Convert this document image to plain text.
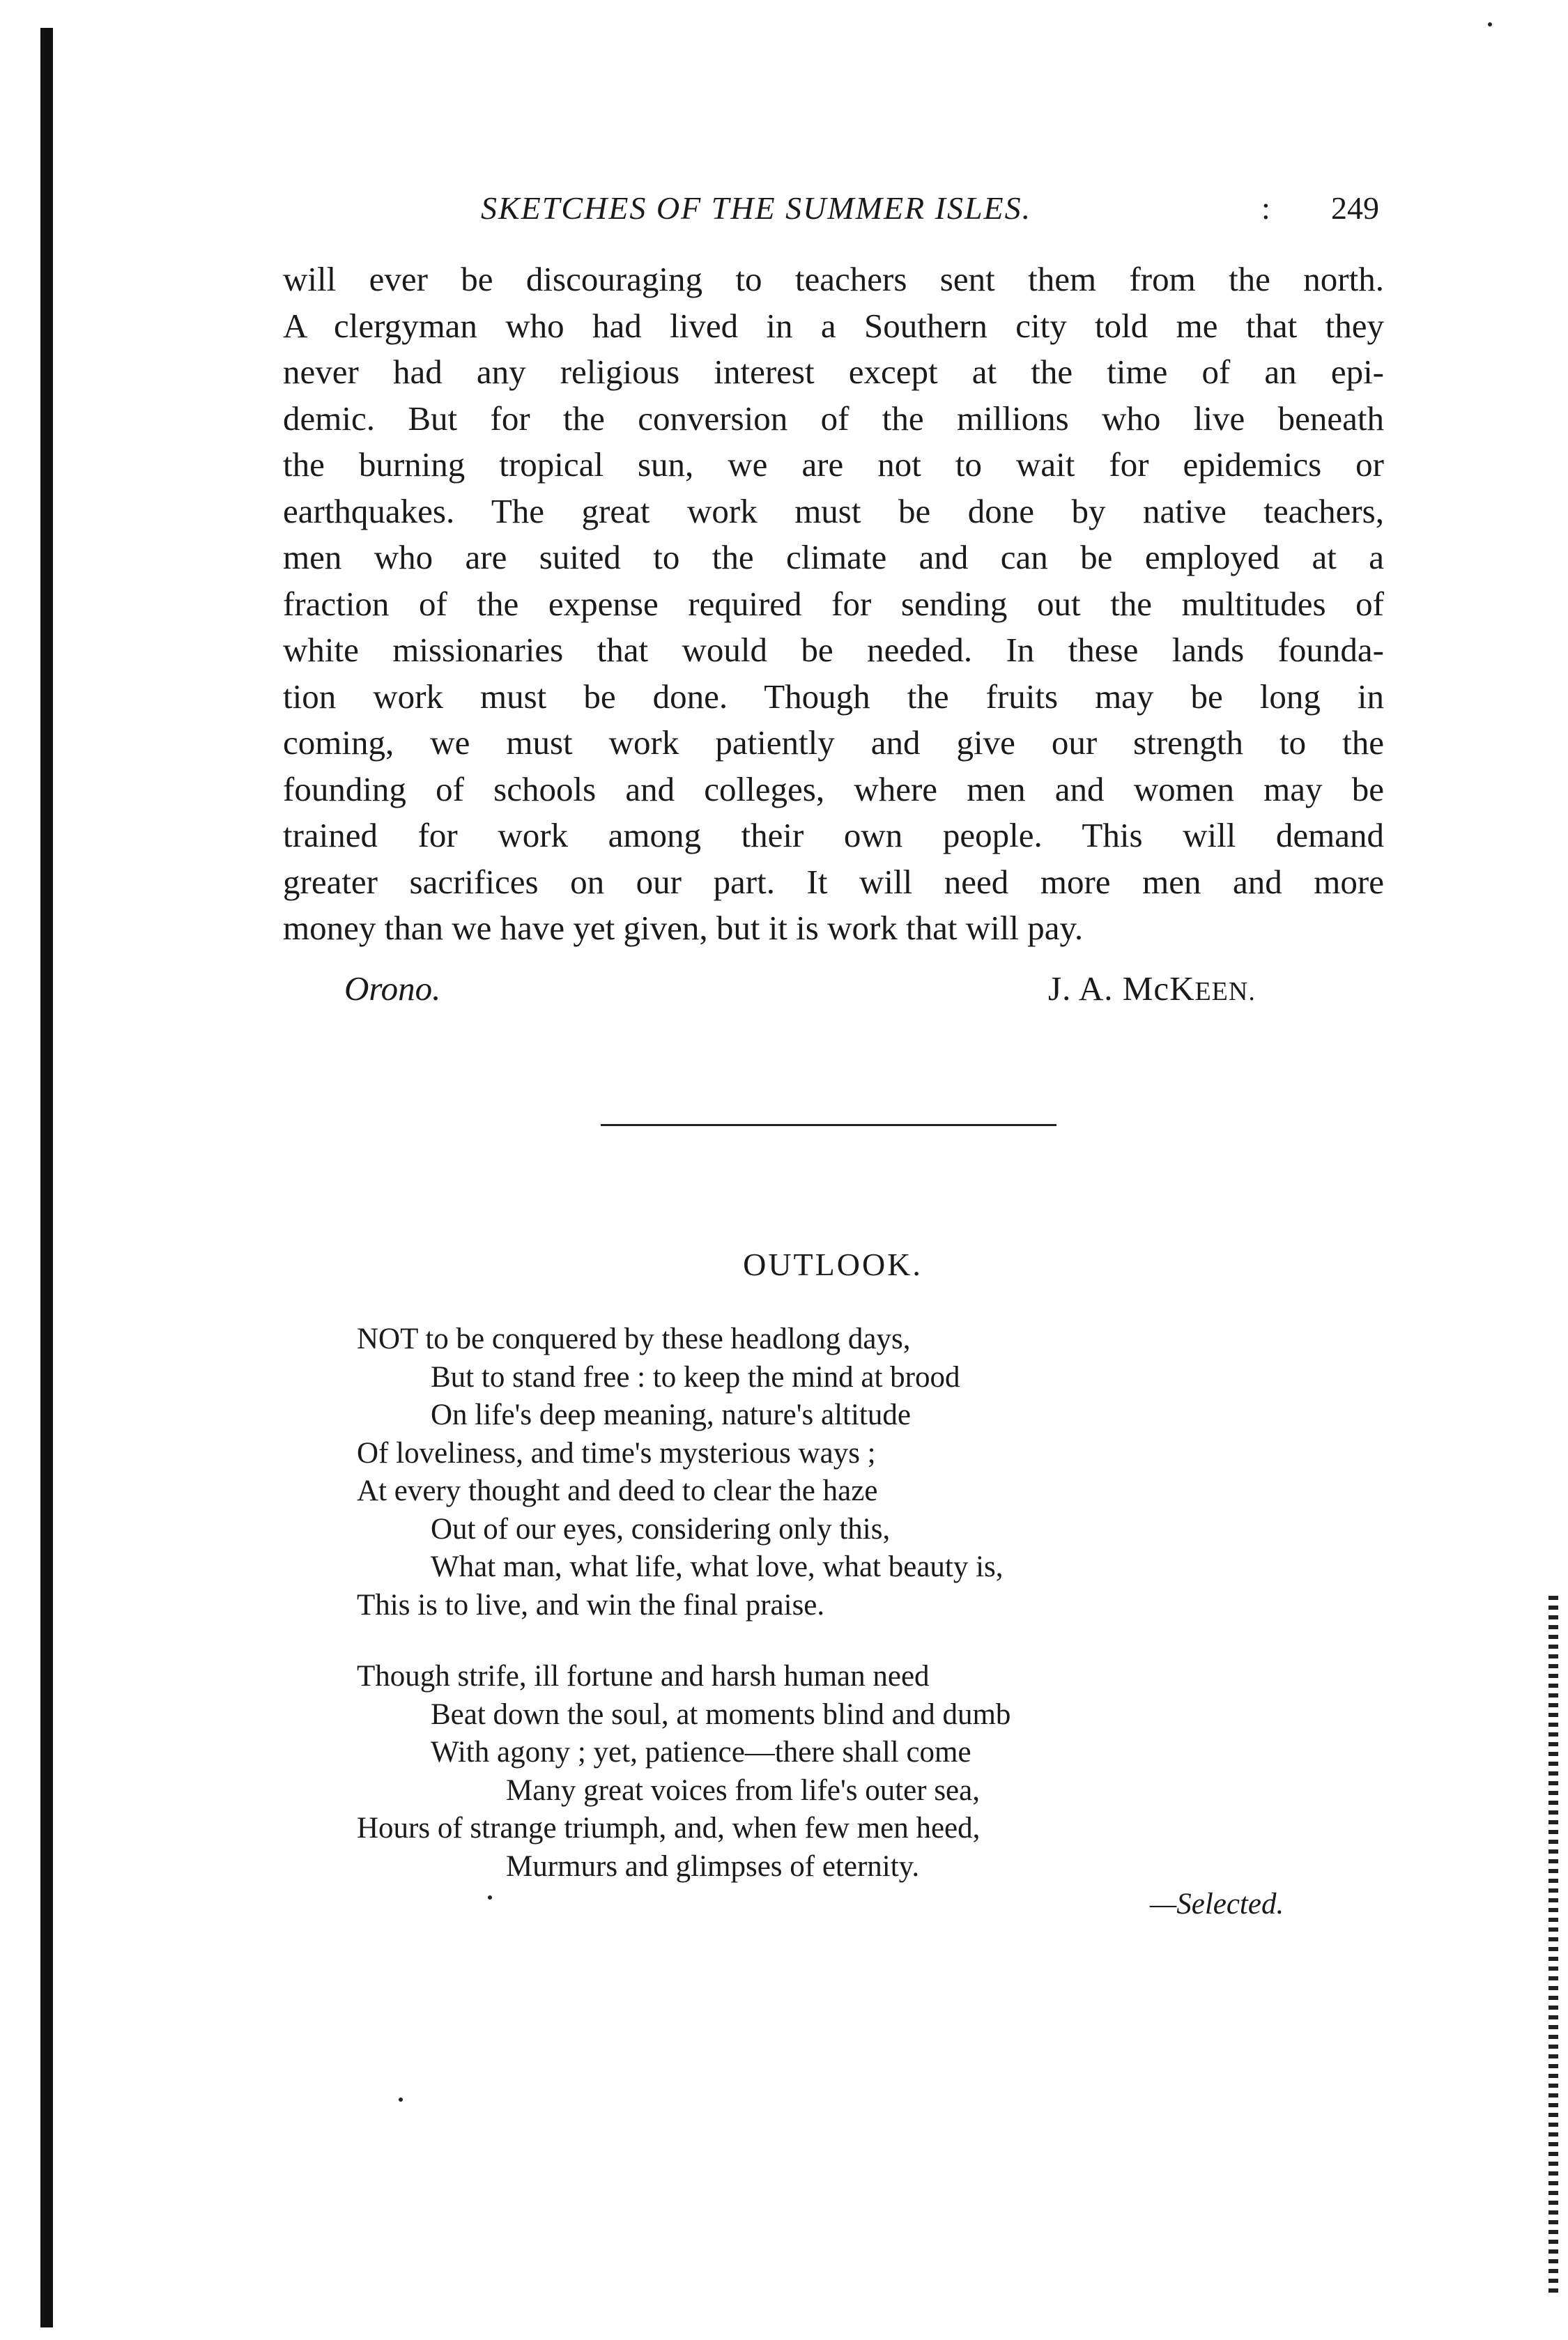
SKETCHES OF THE SUMMER ISLES.	: 249
will ever be discouraging to teachers sent them from the north.
A clergyman who had lived in a Southern city told me that they
never had any religious interest except at the time of an epi-
demic. But for the conversion of the millions who live beneath
the burning tropical sun, we are not to wait for epidemics or
earthquakes. The great work must be done by native teachers,
men who are suited to the climate and can be employed at a
fraction of the expense required for sending out the multitudes of
white missionaries that would be needed. In these lands founda-
tion work must be done. Though the fruits may be long in
coming, we must work patiently and give our strength to the
founding of schools and colleges, where men and women may be
trained for work among their own people. This will demand
greater sacrifices on our part. It will need more men and more
money than we have yet given, but it is work that will pay.
Orono.	J. A. McKEEN.
OUTLOOK.
NOT to be conquered by these headlong days,
But to stand free : to keep the mind at brood
On life's deep meaning, nature's altitude
Of loveliness, and time's mysterious ways ;
At every thought and deed to clear the haze
Out of our eyes, considering only this,
What man, what life, what love, what beauty is,
This is to live, and win the final praise.
Though strife, ill fortune and harsh human need
Beat down the soul, at moments blind and dumb
With agony ; yet, patience—there shall come
Many great voices from life's outer sea,
Hours of strange triumph, and, when few men heed,
Murmurs and glimpses of eternity.
—Selected.
